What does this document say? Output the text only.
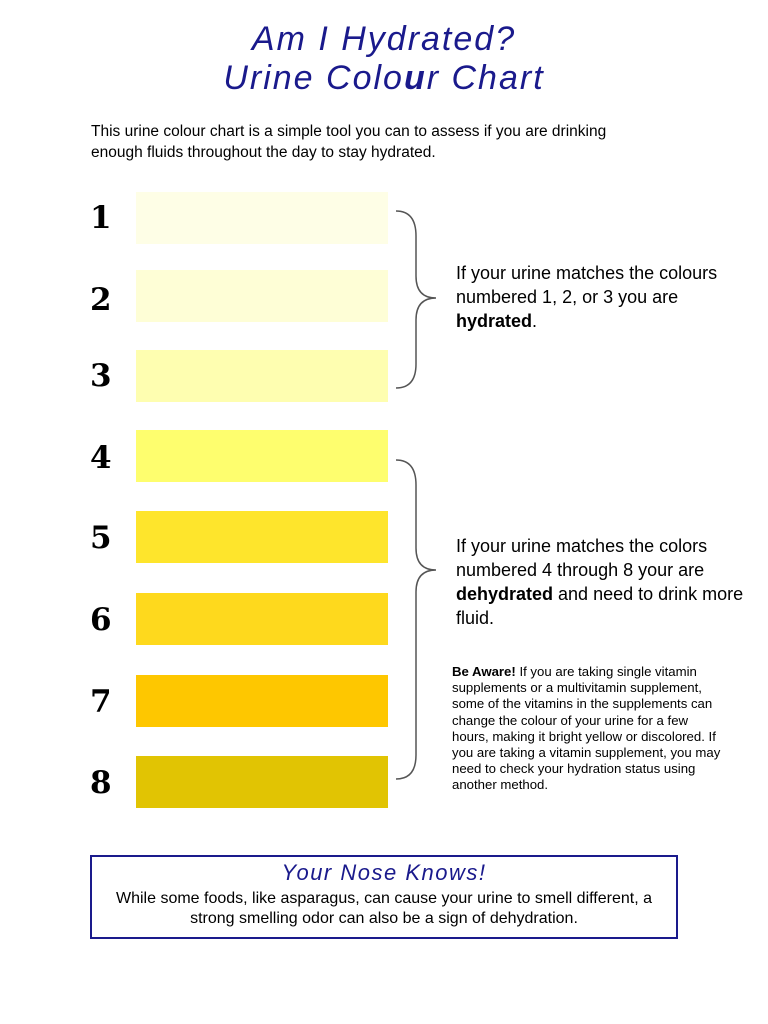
Am I Hydrated?
Urine Colour Chart
This urine colour chart is a simple tool you can to assess if you are drinking enough fluids throughout the day to stay hydrated.
1
2
3
4
5
6
7
8
If your urine matches the colours numbered 1, 2, or 3 you are hydrated.
If your urine matches the colors numbered 4 through 8 your are dehydrated and need to drink more fluid.
Be Aware! If you are taking single vitamin supplements or a multivitamin supplement, some of the vitamins in the supplements can change the colour of your urine for a few hours, making it bright yellow or discolored. If you are taking a vitamin supplement, you may need to check your hydration status using another method.
Your Nose Knows!
While some foods, like asparagus, can cause your urine to smell different, a strong smelling odor can also be a sign of dehydration.
